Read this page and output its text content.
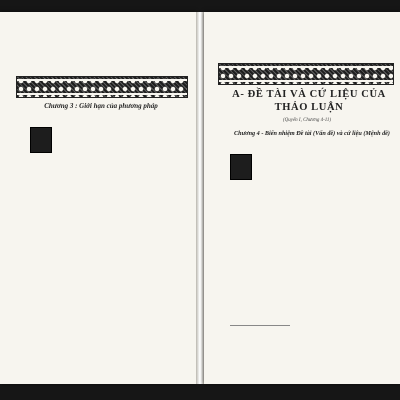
Chương 3 : Giới hạn của phương pháp
A- ĐỀ TÀI VÀ CỨ LIỆU CỦA THẢO LUẬN

(Quyển I, Chương 4-11)

Chương 4 - Biến nhiệm Đề tài (Vấn đề) và cứ liệu (Mệnh đề)
